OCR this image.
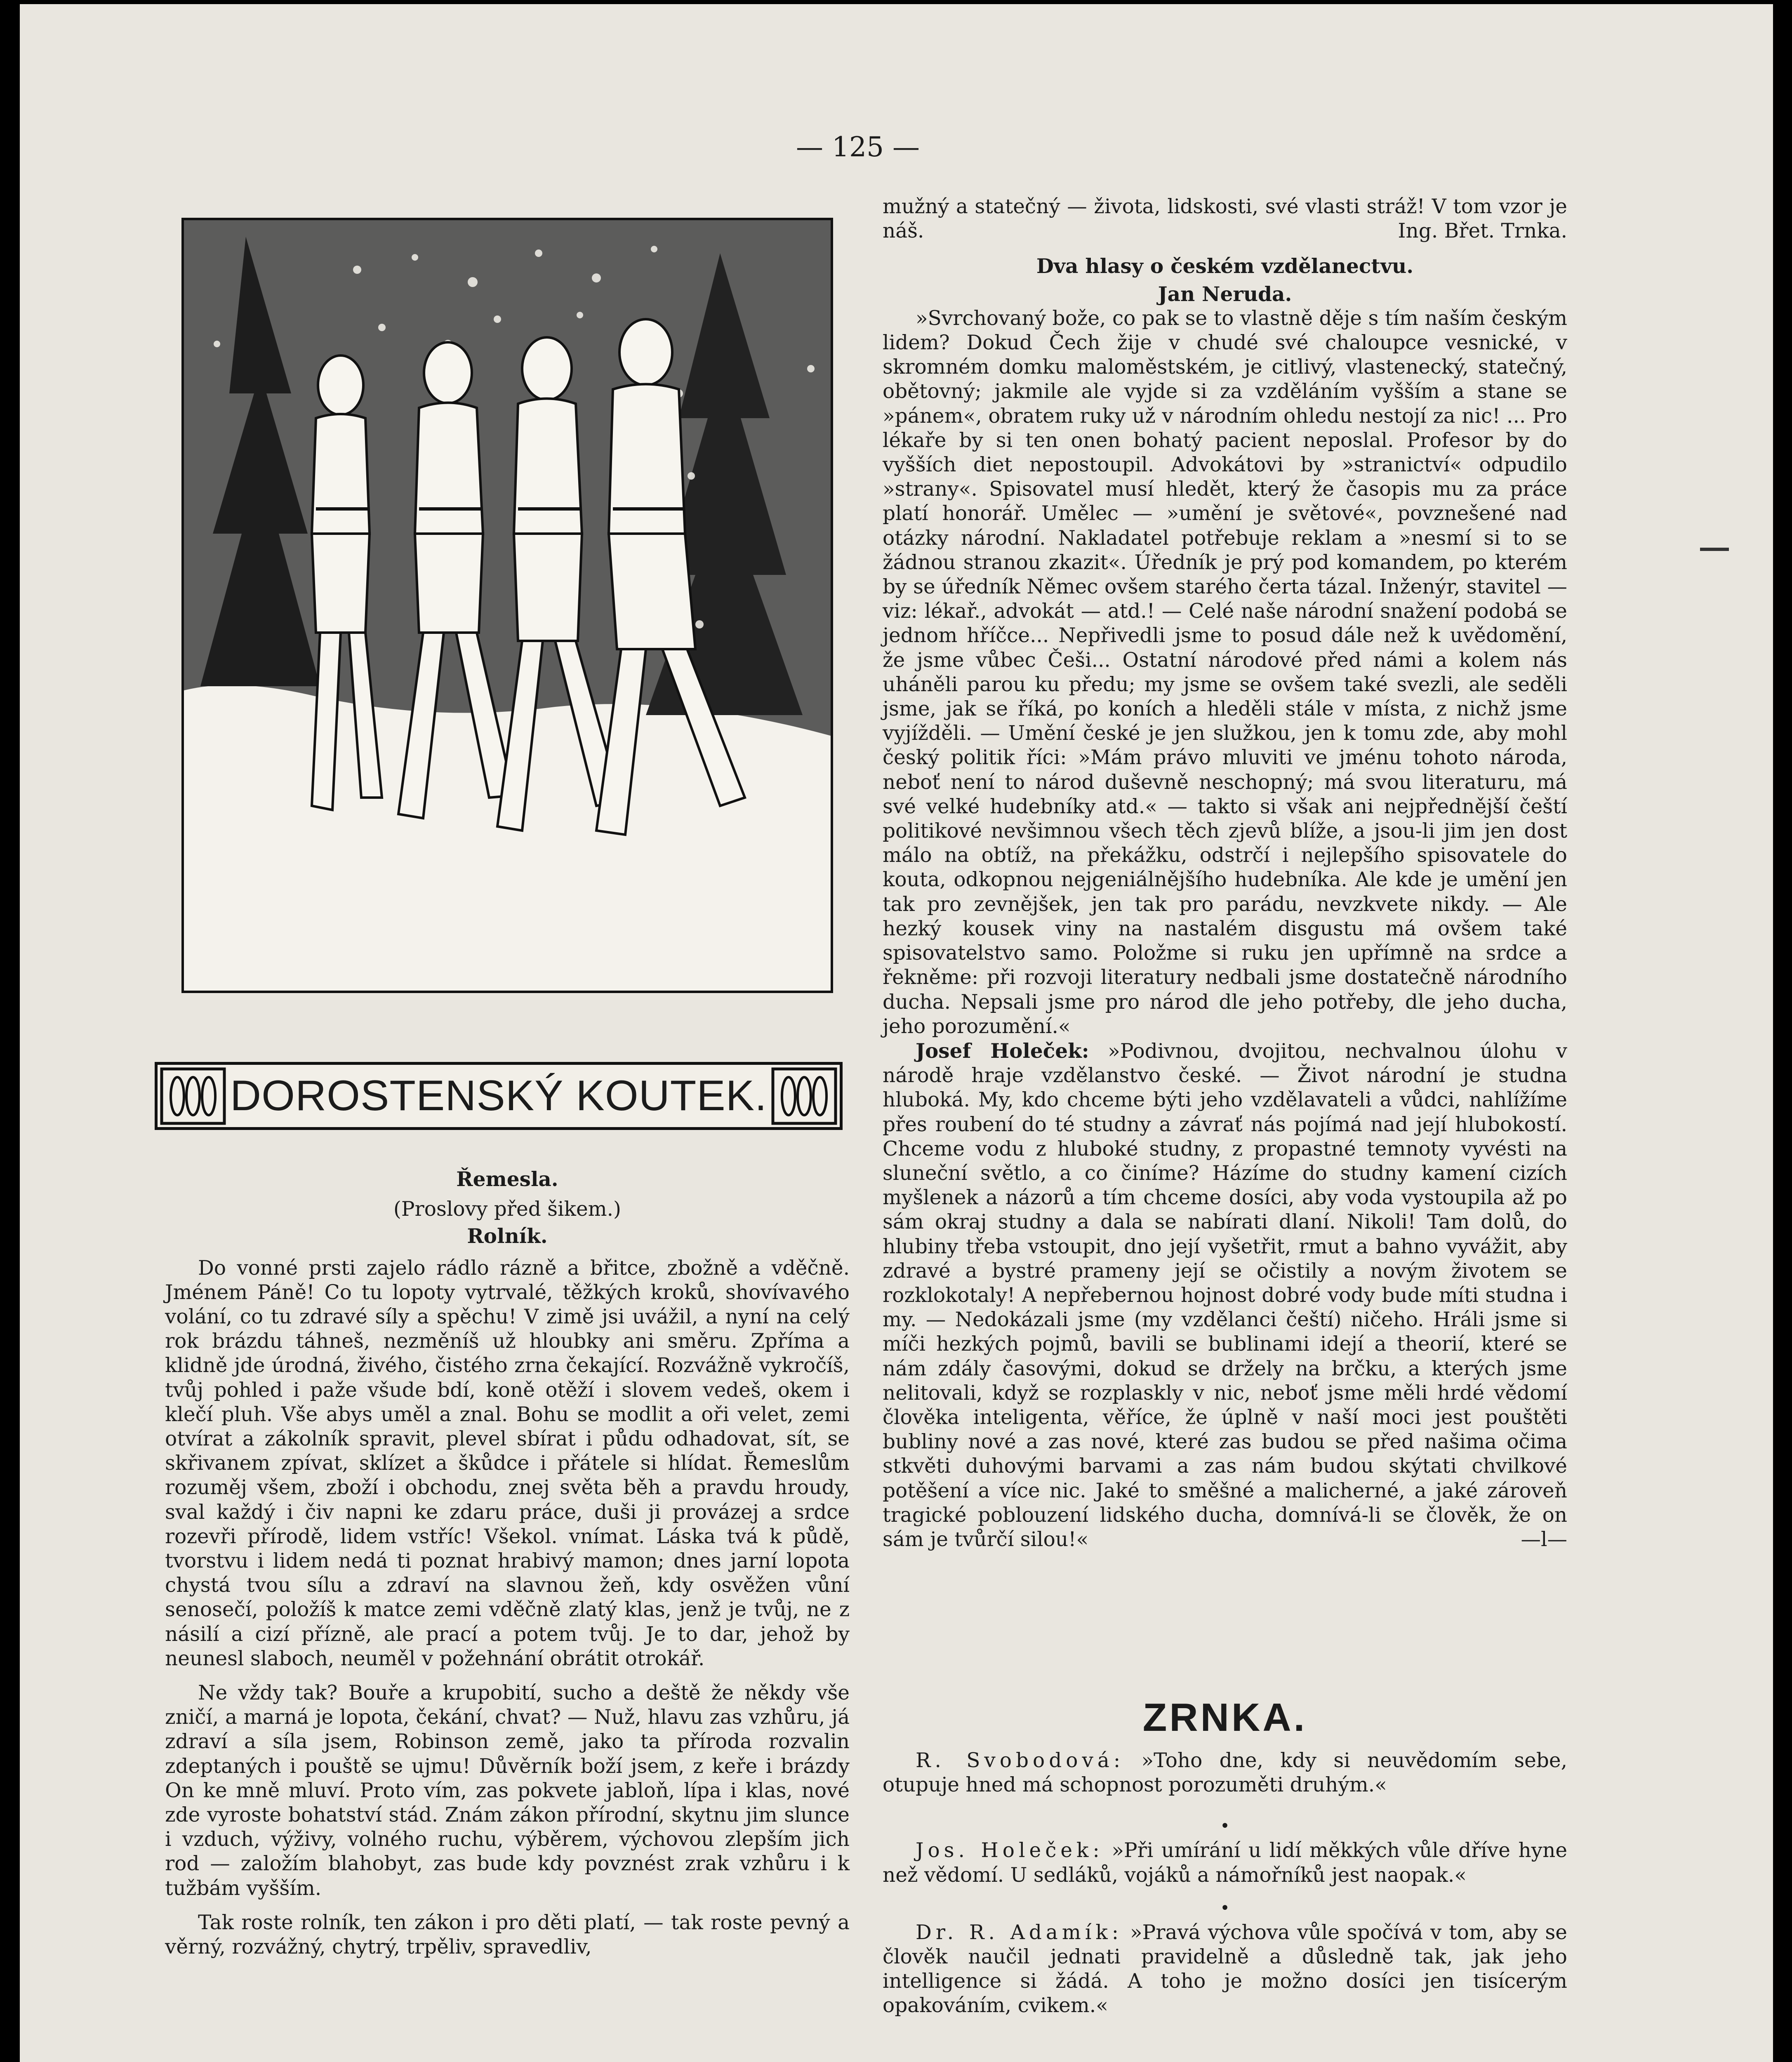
— 125 —
DOROSTENSKÝ KOUTEK.

Řemesla.

(Proslovy před šikem.)

Rolník.

Do vonné prsti zajelo rádlo rázně a břitce, zbožně a vděčně. Jménem Páně! Co tu lopoty vytrvalé, těžkých kroků, shovívavého volání, co tu zdravé síly a spěchu! V zimě jsi uvážil, a nyní na celý rok brázdu táhneš, nezměníš už hloubky ani směru. Zpříma a klidně jde úrodná, živého, čistého zrna čekající. Rozvážně vykročíš, tvůj pohled i paže všude bdí, koně otěží i slovem vedeš, okem i klečí pluh. Vše abys uměl a znal. Bohu se modlit a oři velet, zemi otvírat a zákolník spravit, plevel sbírat i půdu odhadovat, sít, se skřivanem zpívat, sklízet a škůdce i přátele si hlídat. Řemeslům rozuměj všem, zboží i obchodu, znej světa běh a pravdu hroudy, sval každý i čiv napni ke zdaru práce, duši ji provázej a srdce rozevři přírodě, lidem vstříc! Všekol. vnímat. Láska tvá k půdě, tvorstvu i lidem nedá ti poznat hrabivý mamon; dnes jarní lopota chystá tvou sílu a zdraví na slavnou žeň, kdy osvěžen vůní senosečí, položíš k matce zemi vděčně zlatý klas, jenž je tvůj, ne z násilí a cizí přízně, ale prací a potem tvůj. Je to dar, jehož by neunesl slaboch, neuměl v požehnání obrátit otrokář.

Ne vždy tak? Bouře a krupobití, sucho a deště že někdy vše zničí, a marná je lopota, čekání, chvat? — Nuž, hlavu zas vzhůru, já zdraví a síla jsem, Robinson země, jako ta příroda rozvalin zdeptaných i pouště se ujmu! Důvěrník boží jsem, z keře i brázdy On ke mně mluví. Proto vím, zas pokvete jabloň, lípa i klas, nové zde vyroste bohatství stád. Znám zákon přírodní, skytnu jim slunce i vzduch, výživy, volného ruchu, výběrem, výchovou zlepším jich rod — založím blahobyt, zas bude kdy povznést zrak vzhůru i k tužbám vyšším.

Tak roste rolník, ten zákon i pro děti platí, — tak roste pevný a věrný, rozvážný, chytrý, trpěliv, spravedliv,

mužný a statečný — života, lidskosti, své vlasti stráž! V tom vzor je náš.	Ing. Břet. Trnka.

Dva hlasy o českém vzdělanectvu.

Jan Neruda.

»Svrchovaný bože, co pak se to vlastně děje s tím naším českým lidem? Dokud Čech žije v chudé své chaloupce vesnické, v skromném domku maloměstském, je citlivý, vlastenecký, statečný, obětovný; jakmile ale vyjde si za vzděláním vyšším a stane se »pánem«, obratem ruky už v národním ohledu nestojí za nic! ... Pro lékaře by si ten onen bohatý pacient neposlal. Profesor by do vyšších diet nepostoupil. Advokátovi by »stranictví« odpudilo »strany«. Spisovatel musí hledět, který že časopis mu za práce platí honorář. Umělec — »umění je světové«, povznešené nad otázky národní. Nakladatel potřebuje reklam a »nesmí si to se žádnou stranou zkazit«. Úředník je prý pod komandem, po kterém by se úředník Němec ovšem starého čerta tázal. Inženýr, stavitel — viz: lékař., advokát — atd.! — Celé naše národní snažení podobá se jednom hříčce... Nepřivedli jsme to posud dále než k uvědomění, že jsme vůbec Češi... Ostatní národové před námi a kolem nás uháněli parou ku předu; my jsme se ovšem také svezli, ale seděli jsme, jak se říká, po koních a hleděli stále v místa, z nichž jsme vyjížděli. — Umění české je jen služkou, jen k tomu zde, aby mohl český politik říci: »Mám právo mluviti ve jménu tohoto národa, neboť není to národ duševně neschopný; má svou literaturu, má své velké hudebníky atd.« — takto si však ani nejpřednější čeští politikové nevšimnou všech těch zjevů blíže, a jsou-li jim jen dost málo na obtíž, na překážku, odstrčí i nejlepšího spisovatele do kouta, odkopnou nejgeniálnějšího hudebníka. Ale kde je umění jen tak pro zevnějšek, jen tak pro parádu, nevzkvete nikdy. — Ale hezký kousek viny na nastalém disgustu má ovšem také spisovatelstvo samo. Položme si ruku jen upřímně na srdce a řekněme: při rozvoji literatury nedbali jsme dostatečně národního ducha. Nepsali jsme pro národ dle jeho potřeby, dle jeho ducha, jeho porozumění.«

Josef Holeček: »Podivnou, dvojitou, nechvalnou úlohu v národě hraje vzdělanstvo české. — Život národní je studna hluboká. My, kdo chceme býti jeho vzdělavateli a vůdci, nahlížíme přes roubení do té studny a závrať nás pojímá nad její hlubokostí. Chceme vodu z hluboké studny, z propastné temnoty vyvésti na sluneční světlo, a co činíme? Házíme do studny kamení cizích myšlenek a názorů a tím chceme dosíci, aby voda vystoupila až po sám okraj studny a dala se nabírati dlaní. Nikoli! Tam dolů, do hlubiny třeba vstoupit, dno její vyšetřit, rmut a bahno vyvážit, aby zdravé a bystré prameny její se očistily a novým životem se rozklokotaly! A nepřebernou hojnost dobré vody bude míti studna i my. — Nedokázali jsme (my vzdělanci čeští) ničeho. Hráli jsme si míči hezkých pojmů, bavili se bublinami idejí a theorií, které se nám zdály časovými, dokud se držely na brčku, a kterých jsme nelitovali, když se rozplaskly v nic, neboť jsme měli hrdé vědomí člověka inteligenta, věříce, že úplně v naší moci jest pouštěti bubliny nové a zas nové, které zas budou se před našima očima stkvěti duhovými barvami a zas nám budou skýtati chvilkové potěšení a více nic. Jaké to směšné a malicherné, a jaké zároveň tragické poblouzení lidského ducha, domnívá-li se člověk, že on sám je tvůrčí silou!«	—l—

ZRNKA.

R. Svobodová: »Toho dne, kdy si neuvědomím sebe, otupuje hned má schopnost porozuměti druhým.«

•

Jos. Holeček: »Při umírání u lidí měkkých vůle dříve hyne než vědomí. U sedláků, vojáků a námořníků jest naopak.«

•

Dr. R. Adamík: »Pravá výchova vůle spočívá v tom, aby se člověk naučil jednati pravidelně a důsledně tak, jak jeho intelligence si žádá. A toho je možno dosíci jen tisícerým opakováním, cvikem.«
